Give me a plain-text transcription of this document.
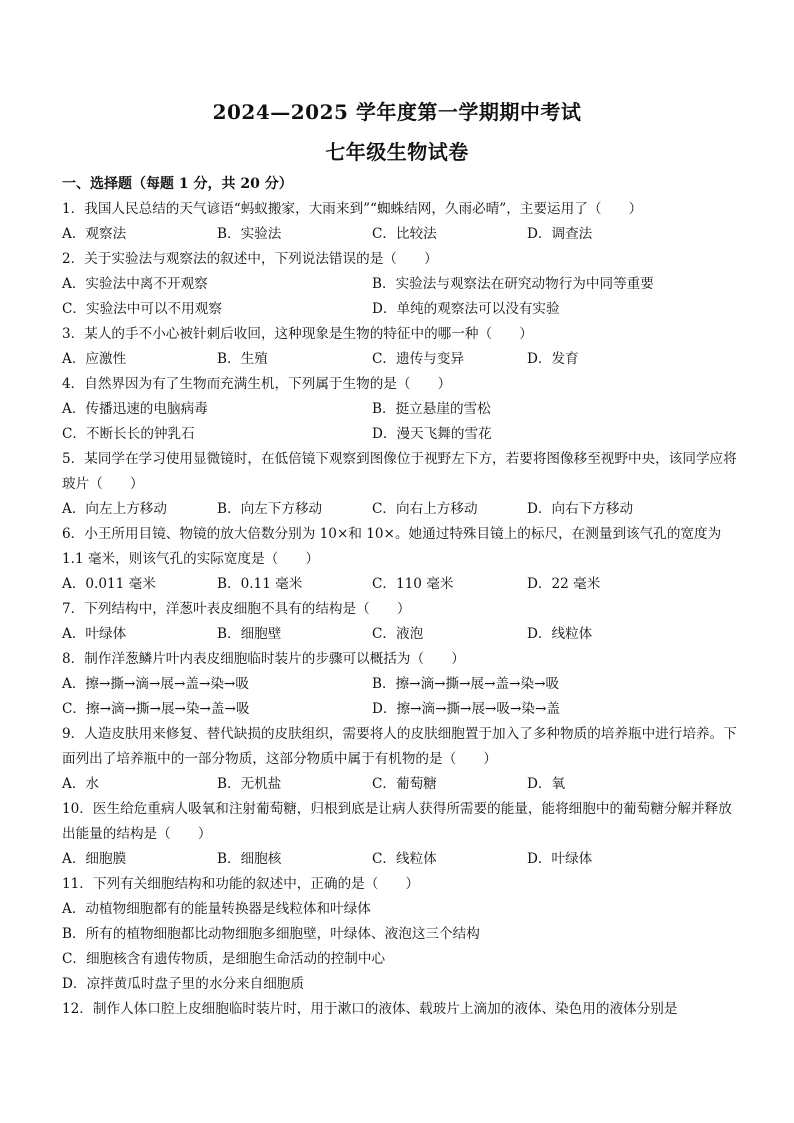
2024—2025 学年度第一学期期中考试
七年级生物试卷
一、选择题（每题 1 分，共 20 分）
1．我国人民总结的天气谚语“蚂蚁搬家，大雨来到”“蜘蛛结网，久雨必晴”，主要运用了（　　）
A．观察法	B．实验法	C．比较法	D．调查法
2．关于实验法与观察法的叙述中，下列说法错误的是（　　）
A．实验法中离不开观察	B．实验法与观察法在研究动物行为中同等重要
C．实验法中可以不用观察	D．单纯的观察法可以没有实验
3．某人的手不小心被针刺后收回，这种现象是生物的特征中的哪一种（　　）
A．应激性	B．生殖	C．遗传与变异	D．发育
4．自然界因为有了生物而充满生机，下列属于生物的是（　　）
A．传播迅速的电脑病毒	B．挺立悬崖的雪松
C．不断长长的钟乳石	D．漫天飞舞的雪花
5．某同学在学习使用显微镜时，在低倍镜下观察到图像位于视野左下方，若要将图像移至视野中央，该同学应将玻片（　　）
A．向左上方移动	B．向左下方移动	C．向右上方移动	D．向右下方移动
6．小王所用目镜、物镜的放大倍数分别为 10×和 10×。她通过特殊目镜上的标尺，在测量到该气孔的宽度为 1.1 毫米，则该气孔的实际宽度是（　　）
A．0.011 毫米	B．0.11 毫米	C．110 毫米	D．22 毫米
7．下列结构中，洋葱叶表皮细胞不具有的结构是（　　）
A．叶绿体	B．细胞壁	C．液泡	D．线粒体
8．制作洋葱鳞片叶内表皮细胞临时装片的步骤可以概括为（　　）
A．擦→撕→滴→展→盖→染→吸	B．擦→滴→撕→展→盖→染→吸
C．擦→滴→撕→展→染→盖→吸	D．擦→滴→撕→展→吸→染→盖
9．人造皮肤用来修复、替代缺损的皮肤组织，需要将人的皮肤细胞置于加入了多种物质的培养瓶中进行培养。下面列出了培养瓶中的一部分物质，这部分物质中属于有机物的是（　　）
A．水	B．无机盐	C．葡萄糖	D．氧
10．医生给危重病人吸氧和注射葡萄糖，归根到底是让病人获得所需要的能量，能将细胞中的葡萄糖分解并释放出能量的结构是（　　）
A．细胞膜	B．细胞核	C．线粒体	D．叶绿体
11．下列有关细胞结构和功能的叙述中，正确的是（　　）
A．动植物细胞都有的能量转换器是线粒体和叶绿体
B．所有的植物细胞都比动物细胞多细胞壁，叶绿体、液泡这三个结构
C．细胞核含有遗传物质，是细胞生命活动的控制中心
D．凉拌黄瓜时盘子里的水分来自细胞质
12．制作人体口腔上皮细胞临时装片时，用于漱口的液体、载玻片上滴加的液体、染色用的液体分别是
